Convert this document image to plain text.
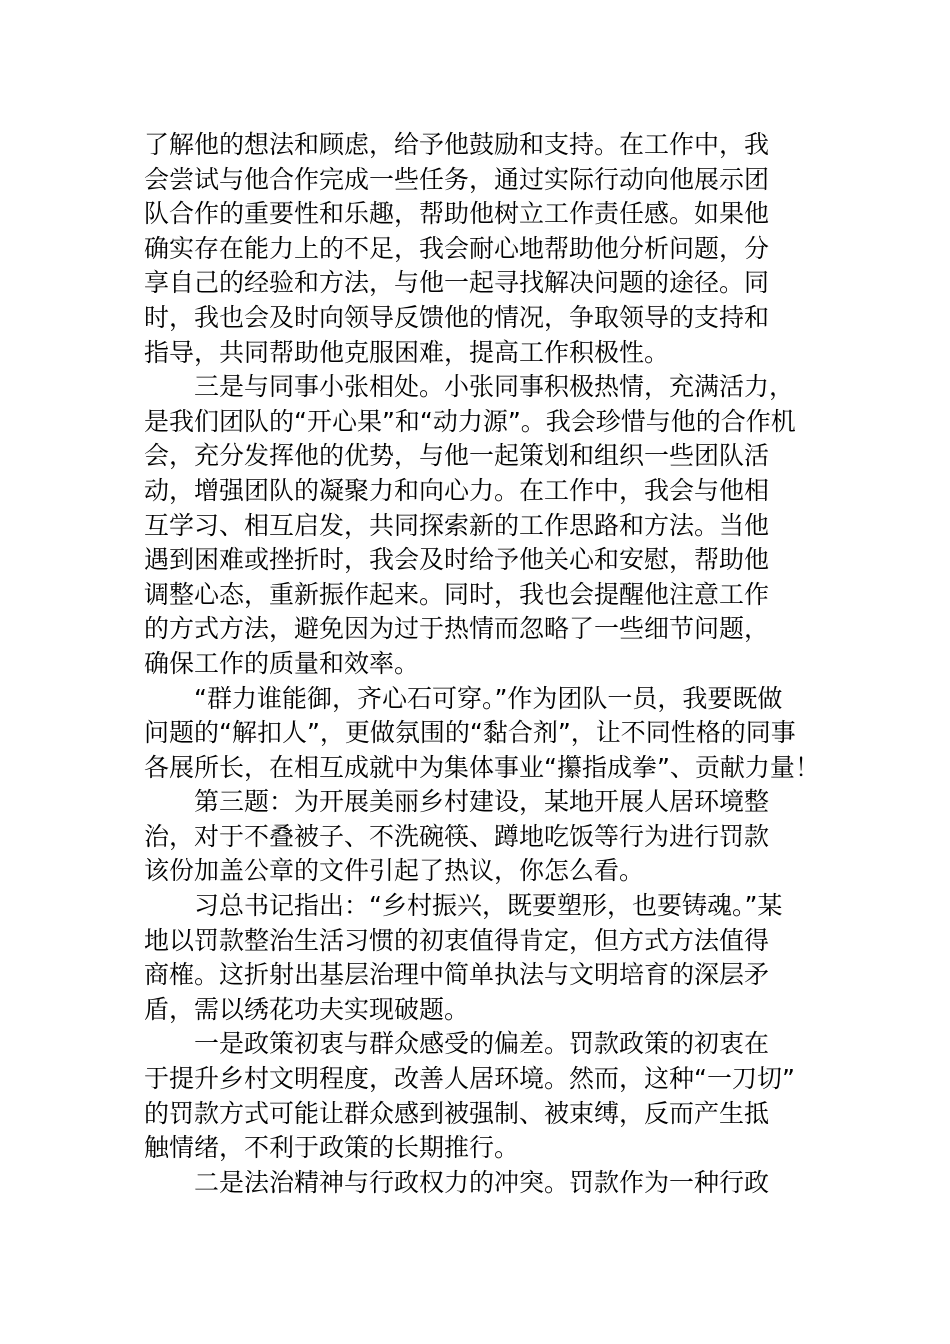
了解他的想法和顾虑，给予他鼓励和支持。在工作中，我
会尝试与他合作完成一些任务，通过实际行动向他展示团
队合作的重要性和乐趣，帮助他树立工作责任感。如果他
确实存在能力上的不足，我会耐心地帮助他分析问题，分
享自己的经验和方法，与他一起寻找解决问题的途径。同
时，我也会及时向领导反馈他的情况，争取领导的支持和
指导，共同帮助他克服困难，提高工作积极性。
三是与同事小张相处。小张同事积极热情，充满活力，
是我们团队的“开心果”和“动力源”。我会珍惜与他的合作机
会，充分发挥他的优势，与他一起策划和组织一些团队活
动，增强团队的凝聚力和向心力。在工作中，我会与他相
互学习、相互启发，共同探索新的工作思路和方法。当他
遇到困难或挫折时，我会及时给予他关心和安慰，帮助他
调整心态，重新振作起来。同时，我也会提醒他注意工作
的方式方法，避免因为过于热情而忽略了一些细节问题，
确保工作的质量和效率。
“群力谁能御，齐心石可穿。”作为团队一员，我要既做
问题的“解扣人”，更做氛围的“黏合剂”，让不同性格的同事
各展所长，在相互成就中为集体事业“攥指成拳”、贡献力量！
第三题：为开展美丽乡村建设，某地开展人居环境整
治，对于不叠被子、不洗碗筷、蹲地吃饭等行为进行罚款
该份加盖公章的文件引起了热议，你怎么看。
习总书记指出：“乡村振兴，既要塑形，也要铸魂。”某
地以罚款整治生活习惯的初衷值得肯定，但方式方法值得
商榷。这折射出基层治理中简单执法与文明培育的深层矛
盾，需以绣花功夫实现破题。
一是政策初衷与群众感受的偏差。罚款政策的初衷在
于提升乡村文明程度，改善人居环境。然而，这种“一刀切”
的罚款方式可能让群众感到被强制、被束缚，反而产生抵
触情绪，不利于政策的长期推行。
二是法治精神与行政权力的冲突。罚款作为一种行政
